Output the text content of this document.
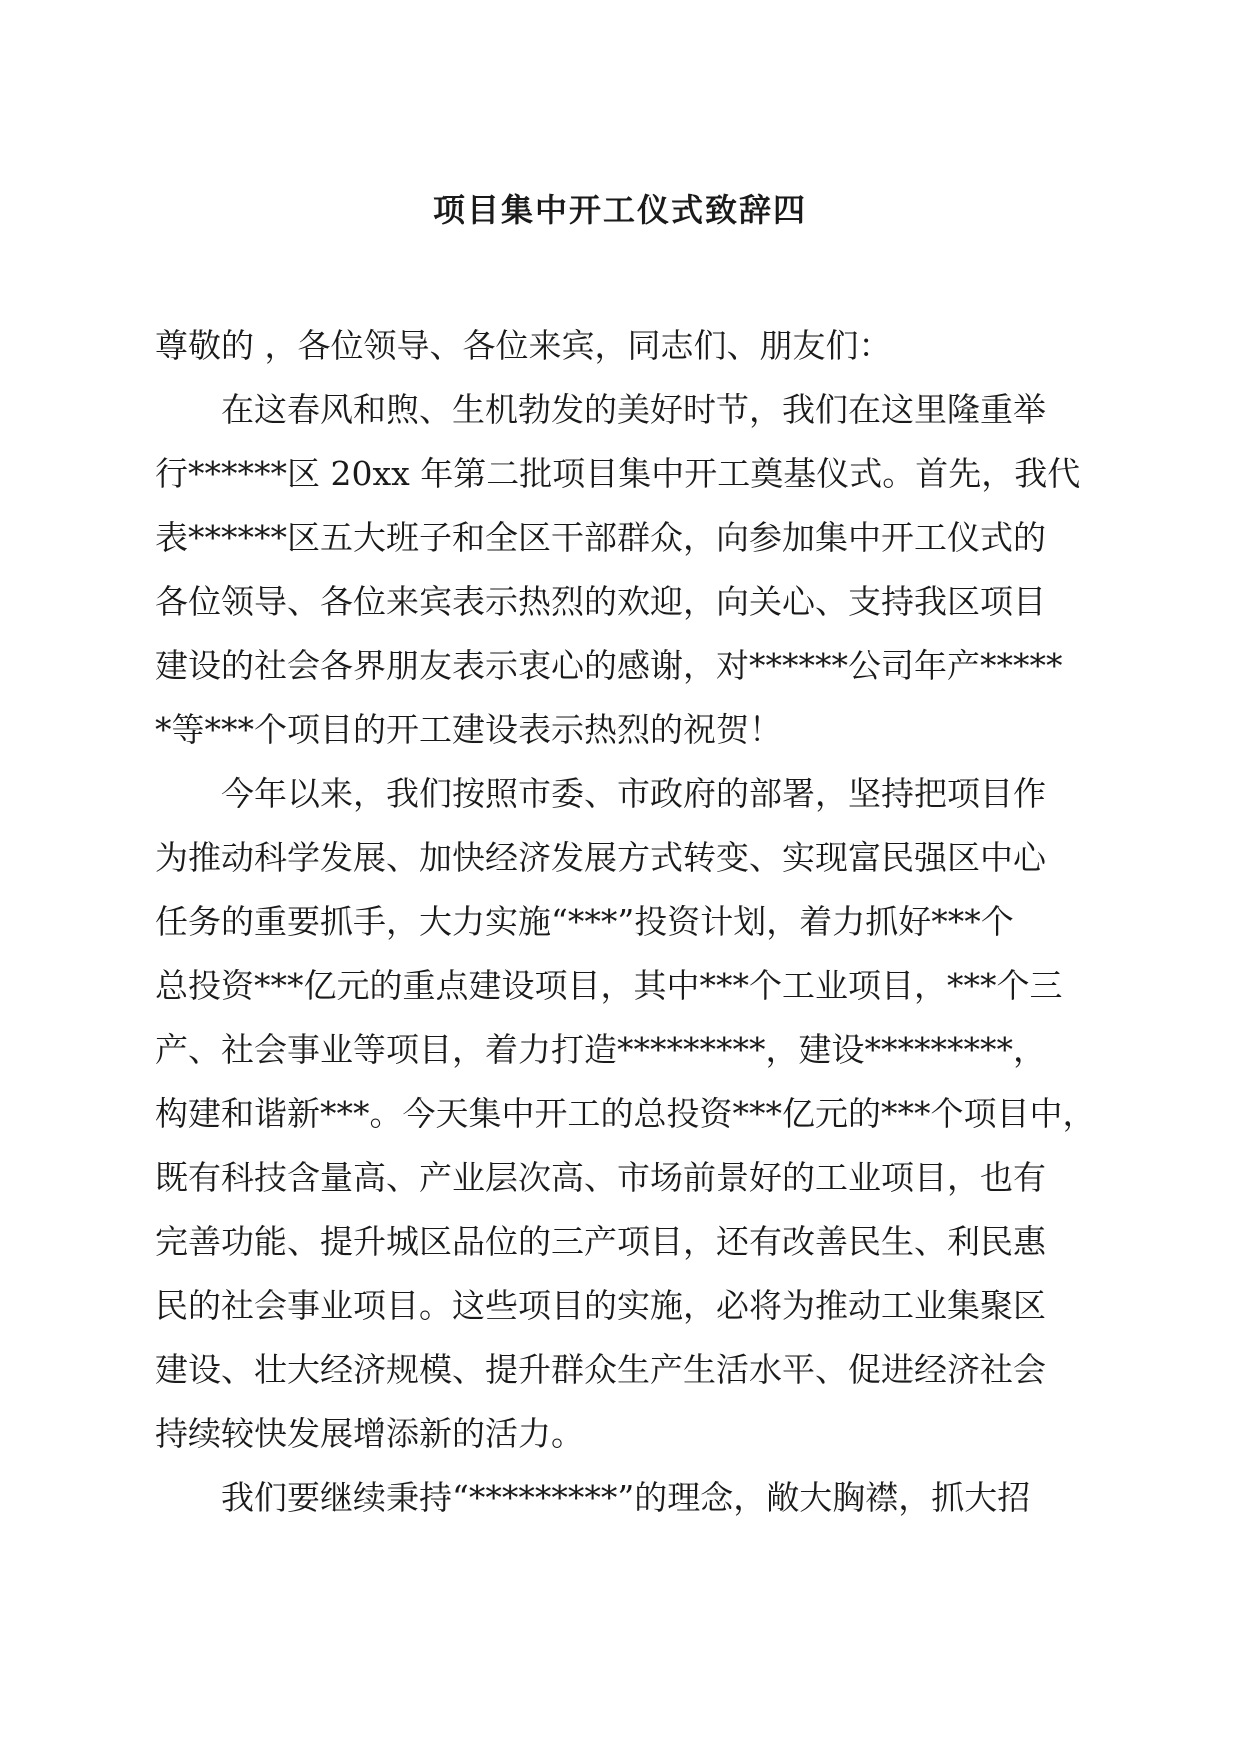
项目集中开工仪式致辞四
尊敬的 ，各位领导、各位来宾，同志们、朋友们：
在这春风和煦、生机勃发的美好时节，我们在这里隆重举
行******区 20xx 年第二批项目集中开工奠基仪式。首先，我代
表******区五大班子和全区干部群众，向参加集中开工仪式的
各位领导、各位来宾表示热烈的欢迎，向关心、支持我区项目
建设的社会各界朋友表示衷心的感谢，对******公司年产*****
*等***个项目的开工建设表示热烈的祝贺！
今年以来，我们按照市委、市政府的部署，坚持把项目作
为推动科学发展、加快经济发展方式转变、实现富民强区中心
任务的重要抓手，大力实施“***”投资计划，着力抓好***个
总投资***亿元的重点建设项目，其中***个工业项目，***个三
产、社会事业等项目，着力打造*********，建设*********，
构建和谐新***。今天集中开工的总投资***亿元的***个项目中，
既有科技含量高、产业层次高、市场前景好的工业项目，也有
完善功能、提升城区品位的三产项目，还有改善民生、利民惠
民的社会事业项目。这些项目的实施，必将为推动工业集聚区
建设、壮大经济规模、提升群众生产生活水平、促进经济社会
持续较快发展增添新的活力。
我们要继续秉持“*********”的理念，敞大胸襟，抓大招
